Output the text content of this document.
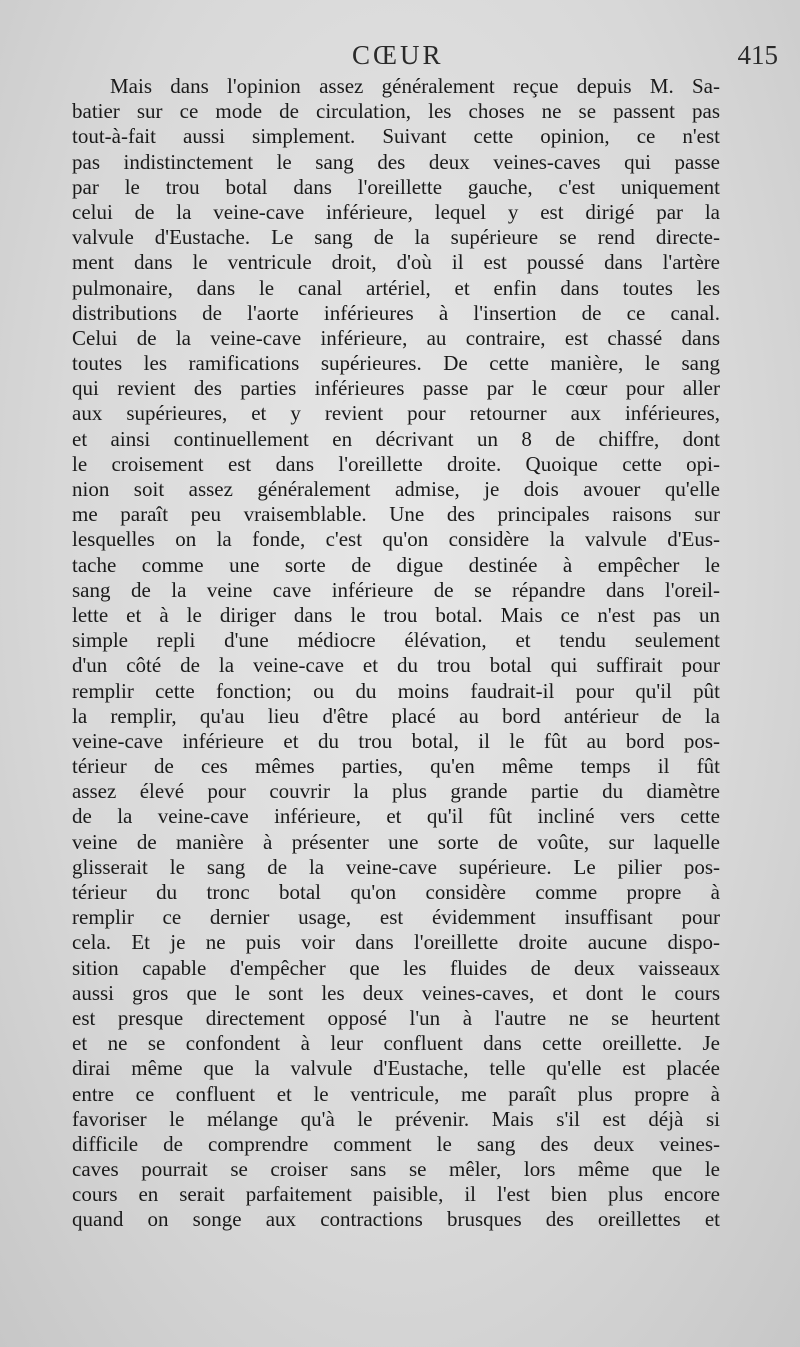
CŒUR	415
Mais dans l'opinion assez généralement reçue depuis M. Sa-
batier sur ce mode de circulation, les choses ne se passent pas
tout-à-fait aussi simplement. Suivant cette opinion, ce n'est
pas indistinctement le sang des deux veines-caves qui passe
par le trou botal dans l'oreillette gauche, c'est uniquement
celui de la veine-cave inférieure, lequel y est dirigé par la
valvule d'Eustache. Le sang de la supérieure se rend directe-
ment dans le ventricule droit, d'où il est poussé dans l'artère
pulmonaire, dans le canal artériel, et enfin dans toutes les
distributions de l'aorte inférieures à l'insertion de ce canal.
Celui de la veine-cave inférieure, au contraire, est chassé dans
toutes les ramifications supérieures. De cette manière, le sang
qui revient des parties inférieures passe par le cœur pour aller
aux supérieures, et y revient pour retourner aux inférieures,
et ainsi continuellement en décrivant un 8 de chiffre, dont
le croisement est dans l'oreillette droite. Quoique cette opi-
nion soit assez généralement admise, je dois avouer qu'elle
me paraît peu vraisemblable. Une des principales raisons sur
lesquelles on la fonde, c'est qu'on considère la valvule d'Eus-
tache comme une sorte de digue destinée à empêcher le
sang de la veine cave inférieure de se répandre dans l'oreil-
lette et à le diriger dans le trou botal. Mais ce n'est pas un
simple repli d'une médiocre élévation, et tendu seulement
d'un côté de la veine-cave et du trou botal qui suffirait pour
remplir cette fonction; ou du moins faudrait-il pour qu'il pût
la remplir, qu'au lieu d'être placé au bord antérieur de la
veine-cave inférieure et du trou botal, il le fût au bord pos-
térieur de ces mêmes parties, qu'en même temps il fût
assez élevé pour couvrir la plus grande partie du diamètre
de la veine-cave inférieure, et qu'il fût incliné vers cette
veine de manière à présenter une sorte de voûte, sur laquelle
glisserait le sang de la veine-cave supérieure. Le pilier pos-
térieur du tronc botal qu'on considère comme propre à
remplir ce dernier usage, est évidemment insuffisant pour
cela. Et je ne puis voir dans l'oreillette droite aucune dispo-
sition capable d'empêcher que les fluides de deux vaisseaux
aussi gros que le sont les deux veines-caves, et dont le cours
est presque directement opposé l'un à l'autre ne se heurtent
et ne se confondent à leur confluent dans cette oreillette. Je
dirai même que la valvule d'Eustache, telle qu'elle est placée
entre ce confluent et le ventricule, me paraît plus propre à
favoriser le mélange qu'à le prévenir. Mais s'il est déjà si
difficile de comprendre comment le sang des deux veines-
caves pourrait se croiser sans se mêler, lors même que le
cours en serait parfaitement paisible, il l'est bien plus encore
quand on songe aux contractions brusques des oreillettes et
